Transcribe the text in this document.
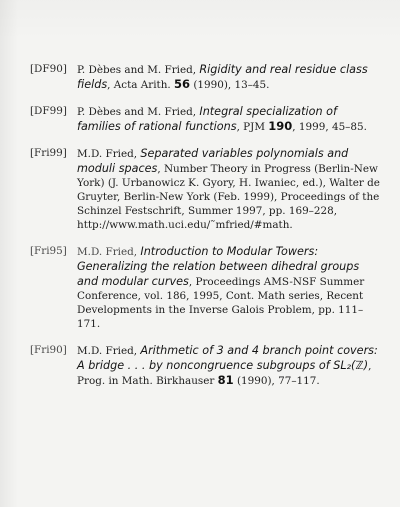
[DF90] P. Dèbes and M. Fried, Rigidity and real residue class fields, Acta Arith. 56 (1990), 13–45.
[DF99] P. Dèbes and M. Fried, Integral specialization of families of rational functions, PJM 190, 1999, 45–85.
[Fri99] M.D. Fried, Separated variables polynomials and moduli spaces, Number Theory in Progress (Berlin-New York) (J. Urbanowicz K. Gyory, H. Iwaniec, ed.), Walter de Gruyter, Berlin-New York (Feb. 1999), Proceedings of the Schinzel Festschrift, Summer 1997, pp. 169–228, http://www.math.uci.edu/˜mfried/#math.
[Fri95] M.D. Fried, Introduction to Modular Towers: Generalizing the relation between dihedral groups and modular curves, Proceedings AMS-NSF Summer Conference, vol. 186, 1995, Cont. Math series, Recent Developments in the Inverse Galois Problem, pp. 111–171.
[Fri90] M.D. Fried, Arithmetic of 3 and 4 branch point covers: A bridge . . . by noncongruence subgroups of SL₂(ℤ), Prog. in Math. Birkhauser 81 (1990), 77–117.
